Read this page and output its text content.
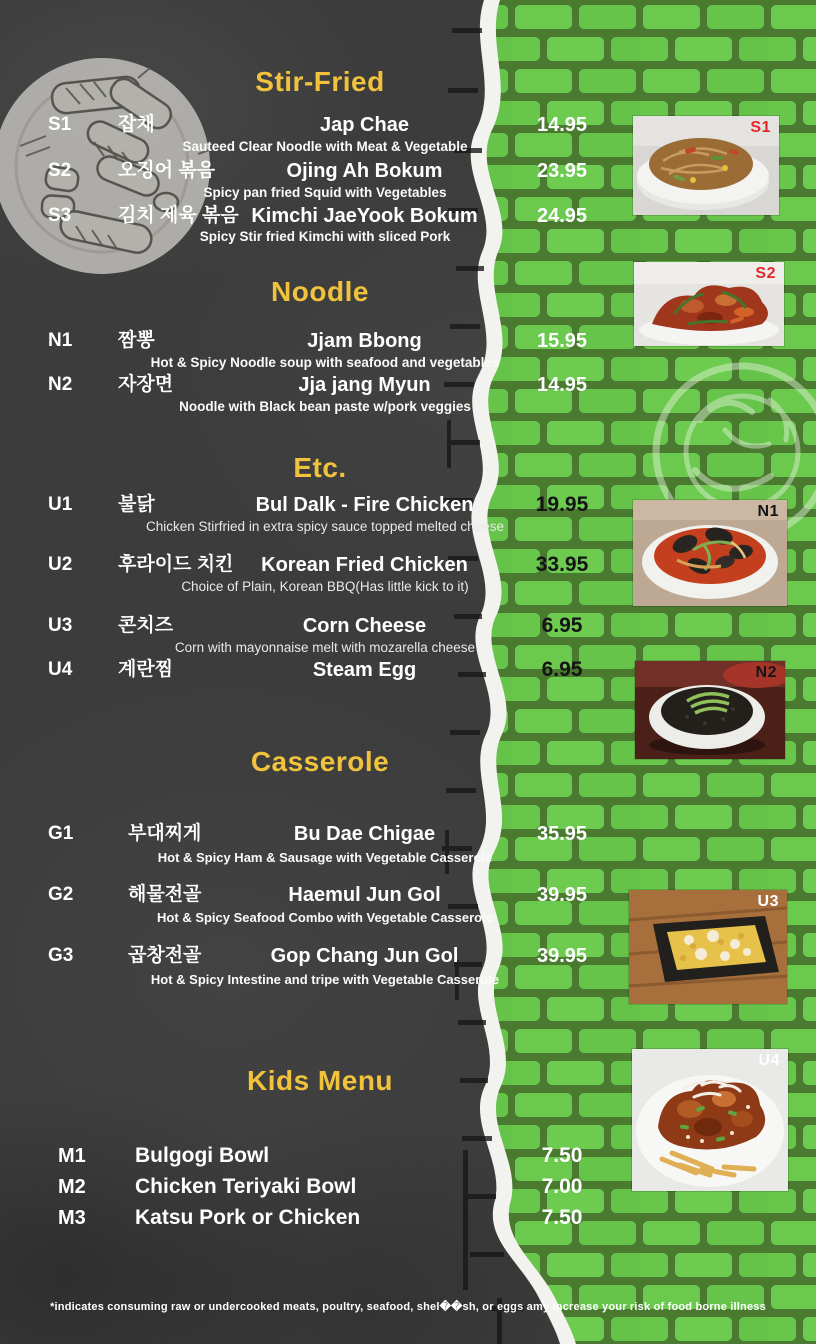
Stir-Fried
S1	잡채	Jap Chae	14.95
Sauteed Clear Noodle with Meat & Vegetable
S2	오징어 볶음	Ojing Ah Bokum	23.95
Spicy pan fried Squid with Vegetables
S3	김치 제육 볶음 Kimchi JaeYook Bokum	24.95
Spicy Stir fried Kimchi with sliced Pork
Noodle
N1	짬뽕	Jjam Bbong	15.95
Hot & Spicy Noodle soup with seafood and vegetables
N2	자장면	Jja jang Myun	14.95
Noodle with Black bean paste w/pork veggies
Etc.
U1	불닭	Bul Dalk - Fire Chicken	19.95
Chicken Stirfried in extra spicy sauce topped melted cheese
U2	후라이드 치킨	Korean Fried Chicken	33.95
Choice of Plain, Korean BBQ(Has little kick to it)
U3	콘치즈	Corn Cheese	6.95
Corn with mayonnaise melt with mozarella cheese
U4	계란찜	Steam Egg	6.95
Casserole
G1	부대찌게	Bu Dae Chigae	35.95
Hot & Spicy Ham & Sausage with Vegetable Casserole
G2	해물전골	Haemul Jun Gol	39.95
Hot & Spicy Seafood Combo with Vegetable Casserole
G3	곱창전골	Gop Chang Jun Gol	39.95
Hot & Spicy Intestine and tripe with Vegetable Casserole
Kids Menu
M1	Bulgogi Bowl	7.50
M2	Chicken Teriyaki Bowl	7.00
M3	Katsu Pork or Chicken	7.50
*indicates consuming raw or undercooked meats, poultry, seafood, shel��sh, or eggs amy increase your risk of food borne illness
S1
S2
N1
N2
U3
U4
